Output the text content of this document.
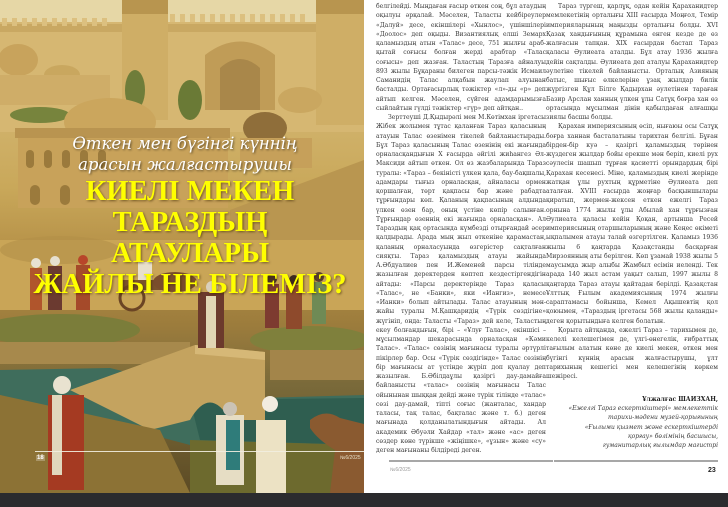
Өткен мен бүгінгі күннің
арасын жалғастырушы
КИЕЛІ МЕКЕН
ТАРАЗДЫҢ АТАУЛАРЫ
ЖАЙЛЫ НЕ БІЛЕМІЗ?
18	№6/2025

белгілейді. Мыңдаған ғасыр өткен соң, бұл атаудың оқылуы әрқалай. Мәселен, Таласты кейбіреулер «Далуй» десе, екіншілері «Хынлос», үшіншілері «Доолос» деп оқыды. Византиялық елші Земарх қаламыздың атын «Талас» десе, 751 жылғы араб-қытай соғысы болған жерді арабтар «Талас соғысы» деп жазған. Таластың Таразға айналуы 893 жылы Бұқараны билеген парсы-тәжік Исмаил Саманидің Талас алқабын жаулап алуынан басталды. Ортағасырлық тәжіктер «л»-ды «р» деп айтып келген. Мәселен, сүйген адамдарымызға сыйлайтын гүлді тәжіктер «гүр» деп айтқан..

Зерттеуші Д.Қыдырәлі мен М.Көтімхан іргетасы Жібек жолымен тұтас қаланған Тараз қаласының атауын Талас өзенімен тікелей байланыстырады. Бұл Тараз қаласының Талас өзенінің екі жағында орналасқандығын X ғасырда әйгілі жиһангез Әл-Максиди айтып өткен. Ол өз жазбаларында Тараз туралы: «Тараз – бекіністі үлкен қала, бау-бақшалы, адамдары тығыз орналасқан, айналасы ормен қоршалған, төрт қақпасы бар және рабадта тұрғындары көп. Қаланың қақпасының алдында үлкен өзен бар, оның үстіне көпір салынған. Тұрғындар өзеннің екі жағында орналасқан». Ал Тараздың қақ ортасында күмбезді отырғандай әсер қалдырады. Арада мың жыл өткеніне қарамастан, қаланың орналасуында өзгерістер сақталған сияқты. Тараз қаламыздың атауы жайында А.Әбдуалиев пен И.Жеменей парсы тілінде жазылған деректерден көптеп кездестіргендігін айтады: «Парсы деректерінде Тараз қаласы «Талас», не «Банки», яки «Иангиз», немесе «Ианки» болып айтылады. Талас атауының мән-жайы туралы М.Қашқаридің «Түрік сөздігіне» жүгініп, онда: Таласты «Тараз» дей келе, Таластың екеу болғандығын, бірі – «Ұлуғ Талас», екіншісі – мұсылмандар шекарасында орналасқан «Кәми Талас». «Талас» сөзінің мағынасы туралы әртүрлі пікірлер бар. Осы «Түрік сөздігінде» Талас сөзінің бір мағынасы ат үстінде жүріп доп қуалау деп жазылған. Б.Әбілдаұлы қазіргі дау-дамайға байланысты «талас» сөзінің мағынасы Талас ойынынан шыққан дейді және түрік тілінде «талас» сөзі дау-дамай, тіпті соғыс (жанталас, хандар таласы, тақ талас, бақталас және т. б.) деген мағынада қолданылатындығын айтады. Ал академик Әбуәли Хайдар «тал» және «ас» деген сөздер көне түрікше «жіңішке», «ұзын» және «су» деген мағынаны білдіреді деген.

Тараз түргеш, қарлұқ, одан кейін Қараханидтер мемлекетінің орталығы XIII ғасырда Моңғол, Темір империяларының маңызды орталығы болды. XVI Қазақ хандығының құрамына енген кезде де өз жалғасын тапқан. XIX ғасырдан бастап Тараз қаласы Әулиеата аталды. Бұл атау 1936 жылға дейін сақталды. Әулиеата деп аталуы Қараханидтер әулетіне тікелей байланысты. Орталық Азияның батыс, шығыс өлкелеріне ұзақ жылдар билік жүргізген Құл Білге Қадырхан әулетінен тараған Базир Арслан ханның үлкен ұлы Сатұқ боғра хан өз ортасында мұсылман дінін қабылдаған алғашқы зиялы басшы болды.

Қарахан империясының өсіп, нығаюы осы Сатұқ боғра ханнан басталатыны тарихтан белгілі. Бұған бірден-бір куә – қазіргі қаламыздың төрінен жүздеген жылдар бойы ерекше мән беріп, киелі рух сәулесін шашып тұрған қасиетті орындардың бірі Қарахан кесенесі. Міне, қаламыздың киелі жерінде жатқан ұлы рухтың құрметіне Әулиеата деп аталған. XVIII ғасырда жоңғар басқыншылары қиратып, жермен-жексен еткен ежелгі Тараз орнына 1774 жылы ұлы Абылай хан тұрғызған Әулиеата қаласы кейін Қоқан, артынша Ресей империясының отаршыларының және Кеңес өкіметі ықпалымен атауы талай өзгертілген. Қаламыз 1936 жылы 6 қаңтарда Қазақстанды басқарған Мирзоянның аты берілген. Көп ұзамай 1938 жылы 5 маусымда жыр алыбы Жамбыл есімін иеленді. Тек арада 140 жыл астам уақыт салып, 1997 жылы 8 қаңтарда Тараз атауы қайтадан берілді. Қазақстан Ұлттық Ғылым академиясының 1974 жылғы сараптамасы бойынша, Кемел Ақышевтің қол қоюымен, «Тараздың іргетасы 568 жылы қаланды» деген қорытындыға келген болатын.

Қорыта айтқанда, ежелгі Тараз – тарихымен де, келелі келешегімен де, үлгі-өнегелік, ғибраттық тағылым алатын көне де киелі мекен, өткен мен бүгінгі күннің арасын жалғастырушы, ұлт тарихының кешегісі мен келешегінің көркем шежіресі.

Ұлжалғас ШАИЗХАН,
«Ежелгі Тараз ескерткіштері» мемлекеттік
тарихи-мәдени музей-қорығының
«Ғылыми қызмет және ескерткіштерді
қорғау» бөлімінің басшысы,
гуманитарлық ғылымдар магистрі
№6/2025	23
